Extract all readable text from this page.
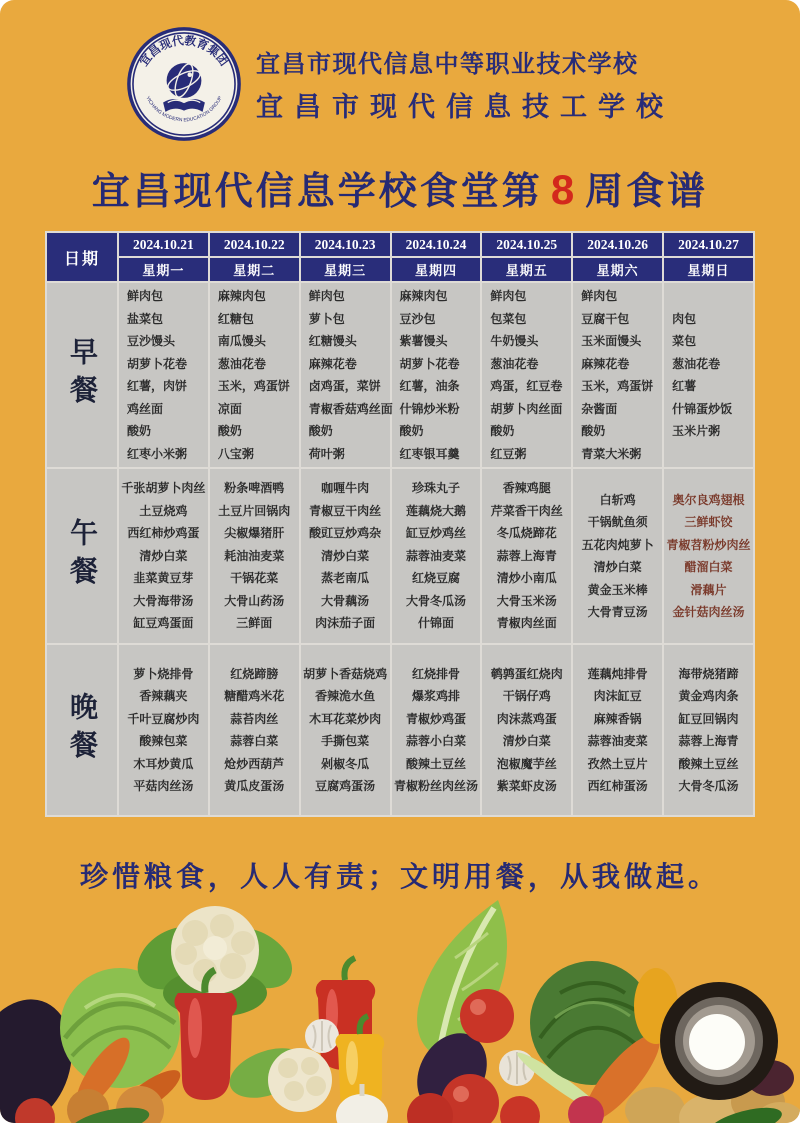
宜昌现代教育集团
YICHANG MODERN EDUCATION GROUP
宜昌市现代信息中等职业技术学校
宜昌市现代信息技工学校
宜昌现代信息学校食堂第 8 周食谱
日期	2024.10.21	2024.10.22	2024.10.23	2024.10.24	2024.10.25	2024.10.26	2024.10.27
	星期一	星期二	星期三	星期四	星期五	星期六	星期日
早餐	
鲜肉包
盐菜包
豆沙馒头
胡萝卜花卷
红薯，肉饼
鸡丝面
酸奶
红枣小米粥

麻辣肉包
红糖包
南瓜馒头
葱油花卷
玉米，鸡蛋饼
凉面
酸奶
八宝粥

鲜肉包
萝卜包
红糖馒头
麻辣花卷
卤鸡蛋，菜饼
青椒香菇鸡丝面
酸奶
荷叶粥

麻辣肉包
豆沙包
紫薯馒头
胡萝卜花卷
红薯，油条
什锦炒米粉
酸奶
红枣银耳羹

鲜肉包
包菜包
牛奶馒头
葱油花卷
鸡蛋，红豆卷
胡萝卜肉丝面
酸奶
红豆粥

鲜肉包
豆腐干包
玉米面馒头
麻辣花卷
玉米，鸡蛋饼
杂酱面
酸奶
青菜大米粥

肉包
菜包
葱油花卷
红薯
什锦蛋炒饭
玉米片粥

午餐	
千张胡萝卜肉丝
土豆烧鸡
西红柿炒鸡蛋
清炒白菜
韭菜黄豆芽
大骨海带汤
缸豆鸡蛋面

粉条啤酒鸭
土豆片回锅肉
尖椒爆猪肝
耗油油麦菜
干锅花菜
大骨山药汤
三鲜面

咖喱牛肉
青椒豆干肉丝
酸豇豆炒鸡杂
清炒白菜
蒸老南瓜
大骨藕汤
肉沫茄子面

珍珠丸子
莲藕烧大鹅
缸豆炒鸡丝
蒜蓉油麦菜
红烧豆腐
大骨冬瓜汤
什锦面

香辣鸡腿
芹菜香干肉丝
冬瓜烧蹄花
蒜蓉上海青
清炒小南瓜
大骨玉米汤
青椒肉丝面

白斩鸡
干锅鱿鱼须
五花肉炖萝卜
清炒白菜
黄金玉米棒
大骨青豆汤

奥尔良鸡翅根
三鲜虾饺
青椒苕粉炒肉丝
醋溜白菜
滑藕片
金针菇肉丝汤

晚餐	
萝卜烧排骨
香辣藕夹
千叶豆腐炒肉
酸辣包菜
木耳炒黄瓜
平菇肉丝汤

红烧蹄膀
糖醋鸡米花
蒜苔肉丝
蒜蓉白菜
炝炒西葫芦
黄瓜皮蛋汤

胡萝卜香菇烧鸡
香辣洈水鱼
木耳花菜炒肉
手撕包菜
剁椒冬瓜
豆腐鸡蛋汤

红烧排骨
爆浆鸡排
青椒炒鸡蛋
蒜蓉小白菜
酸辣土豆丝
青椒粉丝肉丝汤

鹌鹑蛋红烧肉
干锅仔鸡
肉沫蒸鸡蛋
清炒白菜
泡椒魔芋丝
紫菜虾皮汤

莲藕炖排骨
肉沫缸豆
麻辣香锅
蒜蓉油麦菜
孜然土豆片
西红柿蛋汤

海带烧猪蹄
黄金鸡肉条
缸豆回锅肉
蒜蓉上海青
酸辣土豆丝
大骨冬瓜汤
珍惜粮食，人人有责；文明用餐，从我做起。
